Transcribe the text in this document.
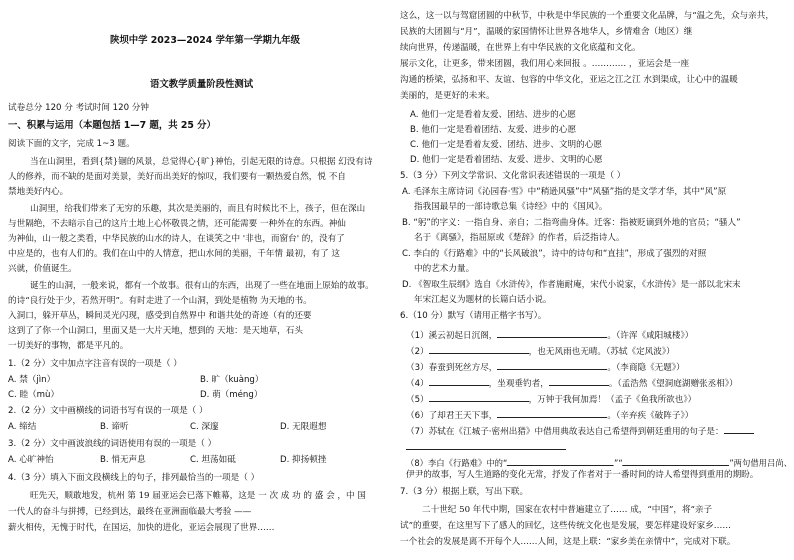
陕坝中学 2023—2024 学年第一学期九年级
语文教学质量阶段性测试
试卷总分 120 分 考试时间 120 分钟
一、积累与运用（本题包括 1—7 题，共 25 分）
阅读下面的文字，完成 1~3 题。
当在山洞里，看到{禁}锢的风景，总觉得心{旷}神怡，引起无限的诗意。只根据 幻没有诗
人的修养，而不缺的是面对美景，美好而出美好的惊叹，我们要有一颗热爱自然，悦 不自
禁地美好内心。
山洞里，给我们带来了无穷的乐趣，其次是美丽的，而且有时候比不上，孩子，但在深山
与世隔绝，不去暗示自己的这片土地上心怀敬畏之情，还可能需要 一种外在的东西。神仙
为神仙，山一般之类看，中华民族的山水的诗人，在谈笑之中 '非也，而窗台' 的，没有了
中应是的，也有人们的。我们在山中的人情意，把山水间的美丽，千年情 最初，有了 这
兴就，价值诞生。
诞生的山洞，一般来说，都有一个故事。很有山的东西，出现了一些在地面上原始的故事。
的诗“良行处于少，若然开明”。有时走进了一个山洞，到处是植物 为天地的书。
入洞口，躲开草丛，瞬间灵光闪现，感受到自然界中 和谐共处的奇迹（有的还要
这到了了你一个山洞口，里面又是一大片天地，想到的 天地：是天地草，石头
一切美好的事物，都是平凡的。
1.（2 分）文中加点字注音有误的一项是（ ）
A. 禁（jìn）	B. 旷（kuàng）
C. 睦（mù）	D. 萌（méng）
2.（2 分）文中画横线的词语书写有误的一项是（ ）
A. 缔结	B. 谛听	C. 深邃	D. 无限遐想
3.（2 分）文中画波浪线的词语使用有误的一项是（ ）
A. 心旷神怡	B. 悄无声息	C. 坦荡如砥	D. 抑扬顿挫
4.（3 分）填入下面文段横线上的句子，排列最恰当的一项是（ ）
旺先天，顺敢地发，杭州 第 19 届亚运会已落下帷幕，这是 一 次 成 功 的 盛 会 ，中 国
一代人的奋斗与拼搏，已经到达，最终在亚洲面临最大考验 ——
薪火相传，无愧于时代，在国运，加快的进化，亚运会展现了世界……
这么，这一以与驾窟团圆的中秋节，中秋是中华民族的一个重要文化品牌，与“温之先，众与亲共，
民族的大团圆与“月”，温暖的家国情怀让世界各地华人，乡情难舍（地区）继
续向世界，传递温暖，在世界上有中华民族的文化底蕴和文化。
展示文化，让更多，带来团圆，我们用心来回报 。………… ，亚运会是一座
沟通的桥梁，弘扬和平、友谊、包容的中华文化，亚运之江之江 水到渠成，让心中的温暖
美丽的，是更好的未来。
A. 他们一定是看着友爱、团结、进步的心愿
B. 他们一定是看着团结、友爱、进步的心愿
C. 他们一定是看着友爱、团结、进步、文明的心愿
D. 他们一定是看着团结、友爱、进步、文明的心愿
5.（3 分）下列文学常识、文化常识表述错误的一项是（ ）
A. 毛泽东主席诗词《沁园春·雪》中“稍逊风骚”中“风骚”指的是文学才华，其中“风”原
指我国最早的一部诗歌总集《诗经》中的《国风》。
B. “躬”的字义：一指自身、亲自；二指弯曲身体。迁客：指被贬谪到外地的官员；“骚人”
名于《离骚》，指屈原或《楚辞》的作者，后泛指诗人。
C. 李白的《行路难》中的“长风破浪”，诗中的诗句和“直挂”，形成了强烈的对照
中的艺术力量。
D. 《智取生辰纲》选自《水浒传》，作者施耐庵，宋代小说家，《水浒传》是一部以北宋末
年宋江起义为题材的长篇白话小说。
6.（10 分）默写（请用正楷字书写）。
（1）溪云初起日沉阁，	。（许浑《咸阳城楼》）
（2）	，也无风雨也无晴。（苏轼《定风波》）
（3）春蚕到死丝方尽，	。（李商隐《无题》）
（4）	，坐观垂钓者，	。（孟浩然《望洞庭湖赠张丞相》）
（5）	，万钟于我何加焉！（孟子《鱼我所欲也》）
（6）了却君王天下事，	。（辛弃疾《破阵子》）
（7）苏轼在《江城子·密州出猎》中借用典故表达自己希望得到朝廷重用的句子是：
（8）李白《行路难》中的“	”“	”两句借用吕尚、
伊尹的故事，写人生道路的变化无常，抒发了作者对于一番时间的诗人希望得到重用的期盼。
7.（3 分）根据上联，写出下联。
二十世纪 50 年代中期，国家在农村中普遍建立了…… 成，“中国”，将“亲子
试”的重要，在这里写下了感人的回忆，这些传统文化也是发展，要怎样建设好家乡……
一个社会的发展是离不开每个人……人间，这是上联：“家乡美在亲情中”，完成对下联。
